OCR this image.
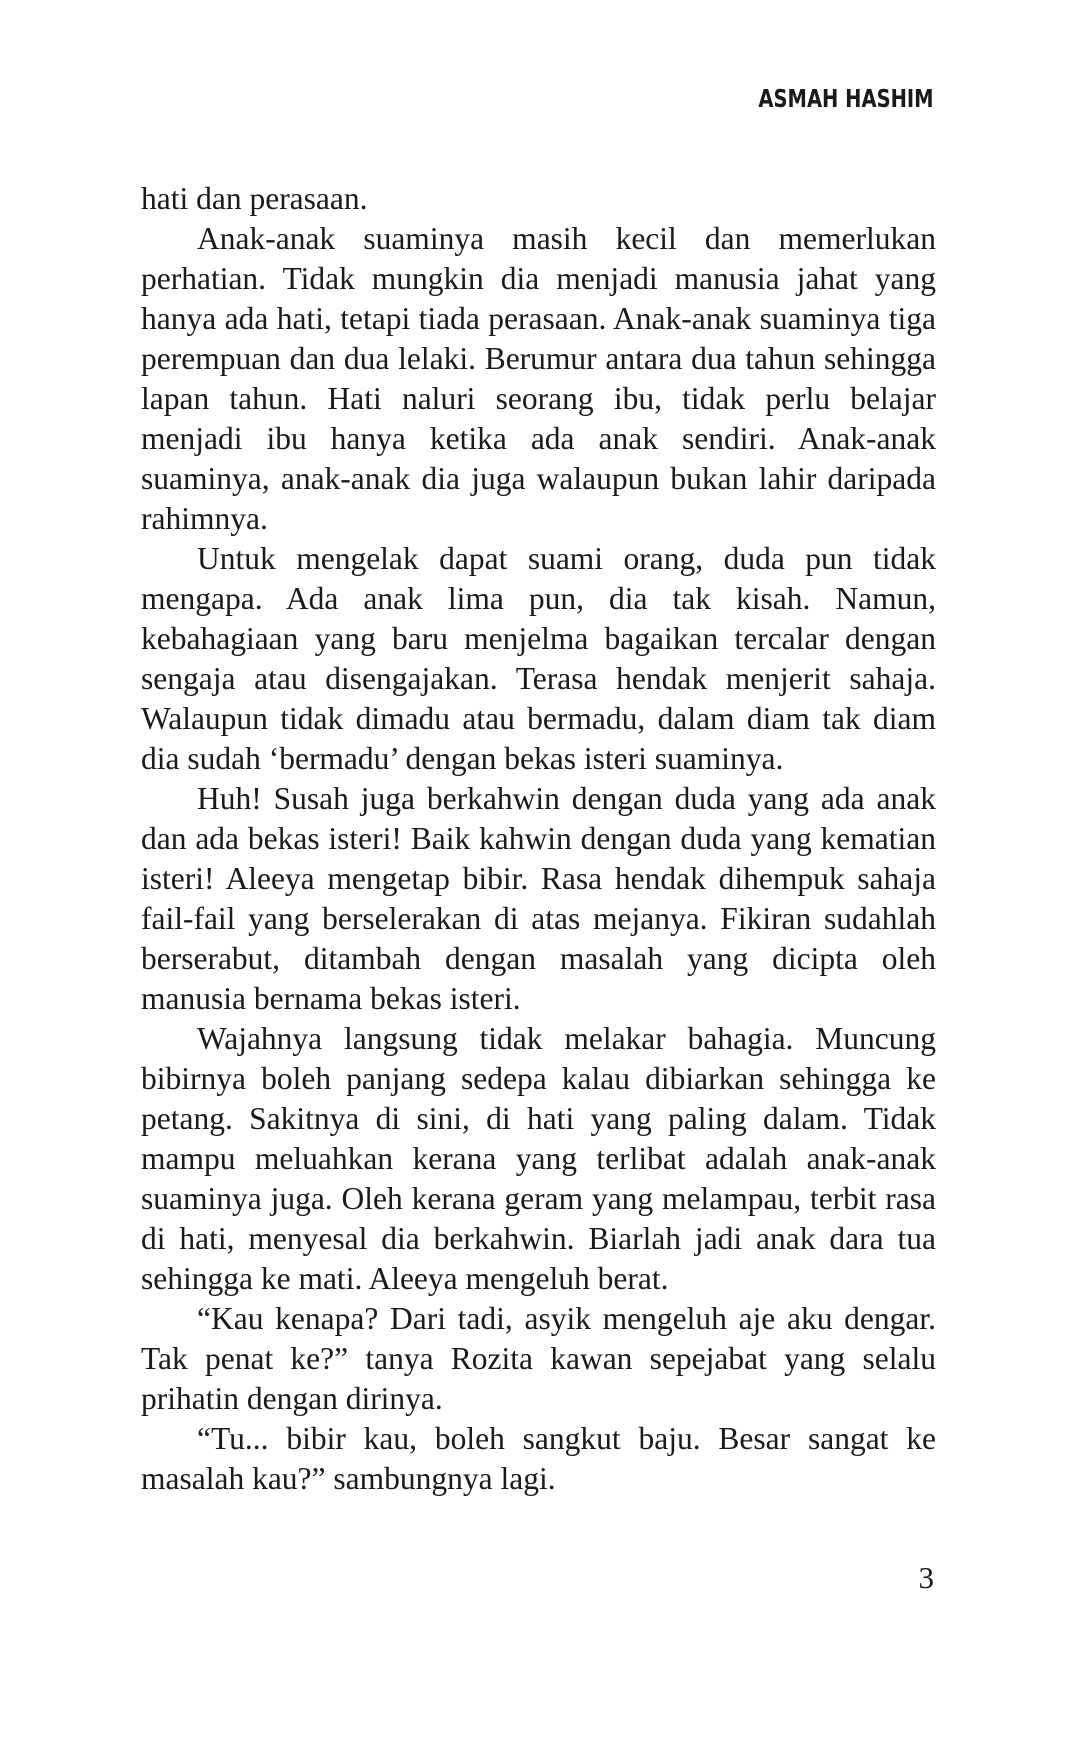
ASMAH HASHIM

hati dan perasaan.

Anak-anak suaminya masih kecil dan memerlukan perhatian. Tidak mungkin dia menjadi manusia jahat yang hanya ada hati, tetapi tiada perasaan. Anak-anak suaminya tiga perempuan dan dua lelaki. Berumur antara dua tahun sehingga lapan tahun. Hati naluri seorang ibu, tidak perlu belajar menjadi ibu hanya ketika ada anak sendiri. Anak-anak suaminya, anak-anak dia juga walaupun bukan lahir daripada rahimnya.

Untuk mengelak dapat suami orang, duda pun tidak mengapa. Ada anak lima pun, dia tak kisah. Namun, kebahagiaan yang baru menjelma bagaikan tercalar dengan sengaja atau disengajakan. Terasa hendak menjerit sahaja. Walaupun tidak dimadu atau bermadu, dalam diam tak diam dia sudah ‘bermadu’ dengan bekas isteri suaminya.

Huh! Susah juga berkahwin dengan duda yang ada anak dan ada bekas isteri! Baik kahwin dengan duda yang kematian isteri! Aleeya mengetap bibir. Rasa hendak dihempuk sahaja fail-fail yang berselerakan di atas mejanya. Fikiran sudahlah berserabut, ditambah dengan masalah yang dicipta oleh manusia bernama bekas isteri.

Wajahnya langsung tidak melakar bahagia. Muncung bibirnya boleh panjang sedepa kalau dibiarkan sehingga ke petang. Sakitnya di sini, di hati yang paling dalam. Tidak mampu meluahkan kerana yang terlibat adalah anak-anak suaminya juga. Oleh kerana geram yang melampau, terbit rasa di hati, menyesal dia berkahwin. Biarlah jadi anak dara tua sehingga ke mati. Aleeya mengeluh berat.

“Kau kenapa? Dari tadi, asyik mengeluh aje aku dengar. Tak penat ke?” tanya Rozita kawan sepejabat yang selalu prihatin dengan dirinya.

“Tu... bibir kau, boleh sangkut baju. Besar sangat ke masalah kau?” sambungnya lagi.

3
